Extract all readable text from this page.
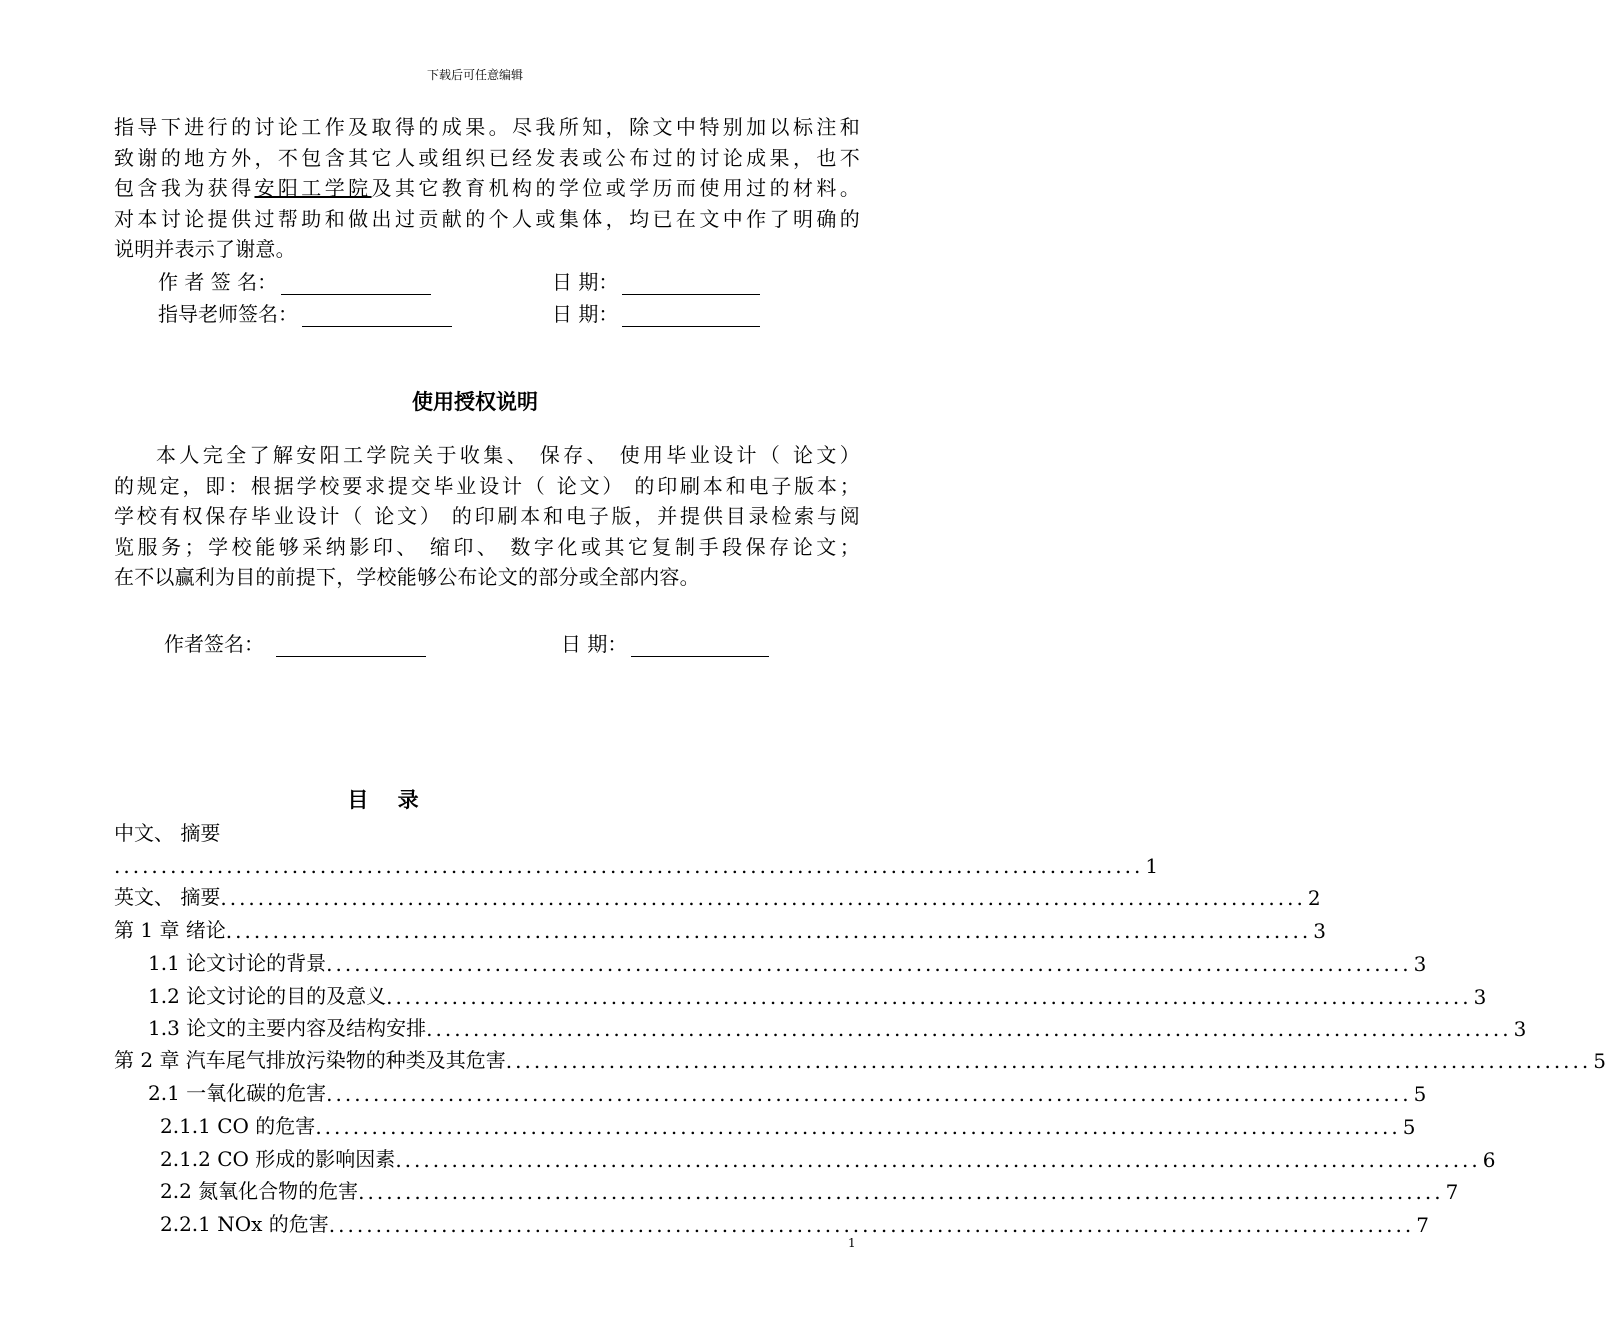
下载后可任意编辑
指导下进行的讨论工作及取得的成果。尽我所知，除文中特别加以标注和
致谢的地方外，不包含其它人或组织已经发表或公布过的讨论成果，也不
包含我为获得安阳工学院及其它教育机构的学位或学历而使用过的材料。
对本讨论提供过帮助和做出过贡献的个人或集体，均已在文中作了明确的
说明并表示了谢意。
作 者 签 名：	日 期：
指导老师签名：	日 期：
使用授权说明
本人完全了解安阳工学院关于收集、 保存、 使用毕业设计（ 论文）
的规定，即：根据学校要求提交毕业设计（ 论文） 的印刷本和电子版本；
学校有权保存毕业设计（ 论文） 的印刷本和电子版，并提供目录检索与阅
览服务；学校能够采纳影印、 缩印、 数字化或其它复制手段保存论文；
在不以赢利为目的前提下，学校能够公布论文的部分或全部内容。
作者签名：	日 期：
目    录
中文、 摘要
.............................................................................................................. 1
英文、 摘要 .................................................................................................................... 2
第 1 章 绪论 .................................................................................................................... 3
1.1 论文讨论的背景 .................................................................................................................... 3
1.2 论文讨论的目的及意义 .................................................................................................................... 3
1.3 论文的主要内容及结构安排 .................................................................................................................... 3
第 2 章 汽车尾气排放污染物的种类及其危害 .................................................................................................................... 5
2.1 一氧化碳的危害 .................................................................................................................... 5
2.1.1 CO 的危害 .................................................................................................................... 5
2.1.2 CO 形成的影响因素 .................................................................................................................... 6
2.2 氮氧化合物的危害 .................................................................................................................... 7
2.2.1 NOx 的危害 .................................................................................................................... 7
1
